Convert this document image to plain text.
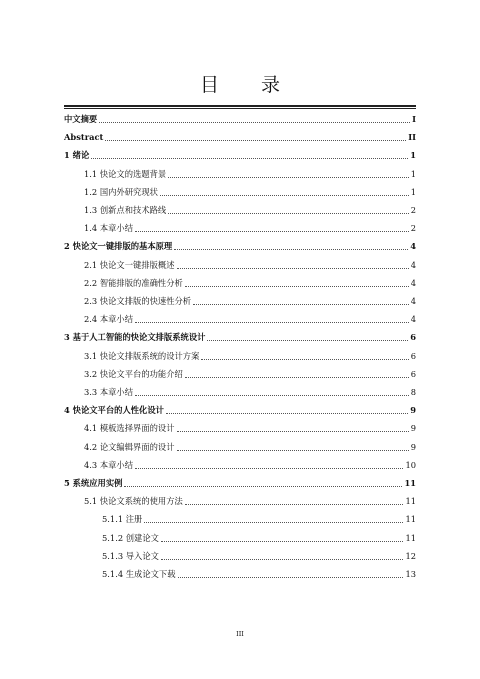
目 录
中文摘要	I
Abstract	II
1 绪论	1
1.1 快论文的选题背景	1
1.2 国内外研究现状	1
1.3 创新点和技术路线	2
1.4 本章小结	2
2 快论文一键排版的基本原理	4
2.1 快论文一键排版概述	4
2.2 智能排版的准确性分析	4
2.3 快论文排版的快速性分析	4
2.4 本章小结	4
3 基于人工智能的快论文排版系统设计	6
3.1 快论文排版系统的设计方案	6
3.2 快论文平台的功能介绍	6
3.3 本章小结	8
4 快论文平台的人性化设计	9
4.1 模板选择界面的设计	9
4.2 论文编辑界面的设计	9
4.3 本章小结	10
5 系统应用实例	11
5.1 快论文系统的使用方法	11
5.1.1 注册	11
5.1.2 创建论文	11
5.1.3 导入论文	12
5.1.4 生成论文下载	13
III
